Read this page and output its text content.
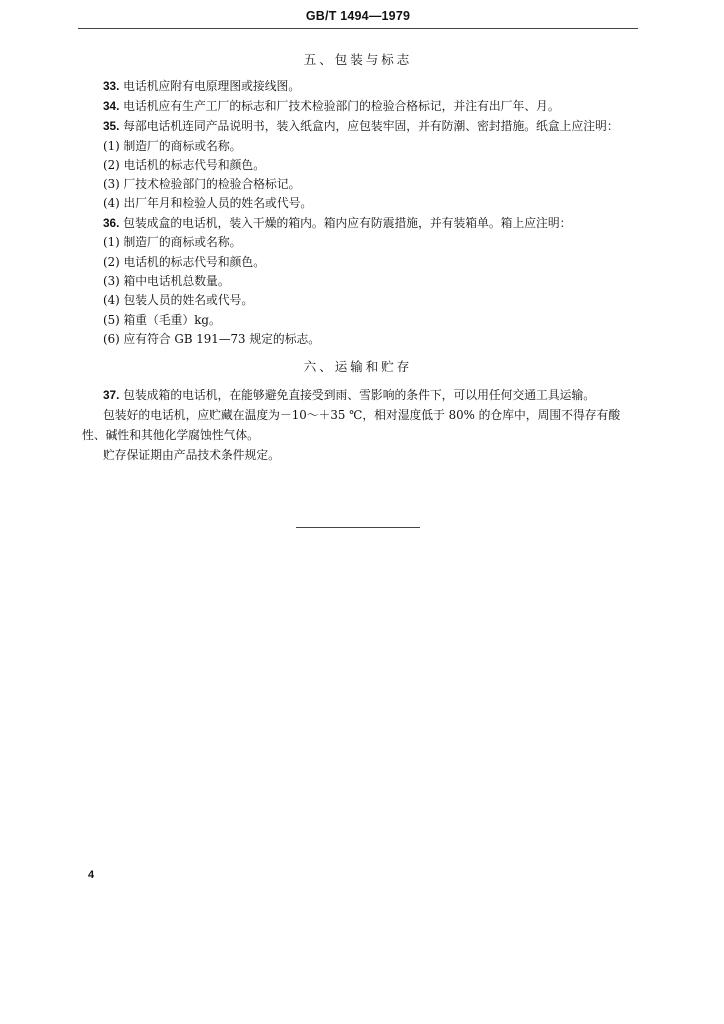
GB/T 1494—1979
五、包装与标志
33. 电话机应附有电原理图或接线图。
34. 电话机应有生产工厂的标志和厂技术检验部门的检验合格标记，并注有出厂年、月。
35. 每部电话机连同产品说明书，装入纸盒内，应包装牢固，并有防潮、密封措施。纸盒上应注明：
(1) 制造厂的商标或名称。
(2) 电话机的标志代号和颜色。
(3) 厂技术检验部门的检验合格标记。
(4) 出厂年月和检验人员的姓名或代号。
36. 包装成盒的电话机，装入干燥的箱内。箱内应有防震措施，并有装箱单。箱上应注明：
(1) 制造厂的商标或名称。
(2) 电话机的标志代号和颜色。
(3) 箱中电话机总数量。
(4) 包装人员的姓名或代号。
(5) 箱重（毛重）kg。
(6) 应有符合 GB 191—73 规定的标志。
六、运输和贮存
37. 包装成箱的电话机，在能够避免直接受到雨、雪影响的条件下，可以用任何交通工具运输。
包装好的电话机，应贮藏在温度为－10～＋35 ℃，相对湿度低于 80% 的仓库中，周围不得存有酸
性、碱性和其他化学腐蚀性气体。
贮存保证期由产品技术条件规定。
4
